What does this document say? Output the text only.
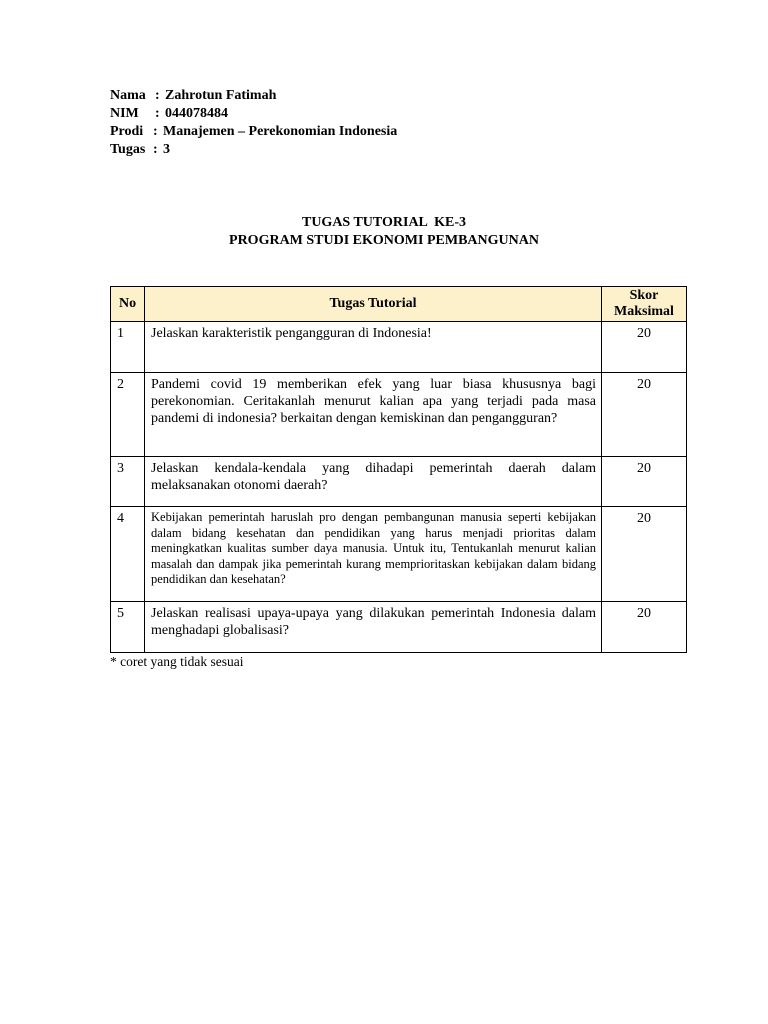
Nama : Zahrotun Fatimah
NIM	: 044078484
Prodi : Manajemen – Perekonomian Indonesia
Tugas : 3
TUGAS TUTORIAL  KE-3
PROGRAM STUDI EKONOMI PEMBANGUNAN
No	Tugas Tutorial	Skor
Maksimal

1	Jelaskan karakteristik pengangguran di Indonesia!	20
2	Pandemi covid 19 memberikan efek yang luar biasa khususnya bagi perekonomian. Ceritakanlah menurut kalian apa yang terjadi pada masa pandemi di indonesia? berkaitan dengan kemiskinan dan pengangguran?	20
3	Jelaskan kendala-kendala yang dihadapi pemerintah daerah dalam melaksanakan otonomi daerah?	20
4	Kebijakan pemerintah haruslah pro dengan pembangunan manusia seperti kebijakan dalam bidang kesehatan dan pendidikan yang harus menjadi prioritas dalam meningkatkan kualitas sumber daya manusia. Untuk itu, Tentukanlah menurut kalian masalah dan dampak jika pemerintah kurang memprioritaskan kebijakan dalam bidang pendidikan dan kesehatan?	20
5	Jelaskan realisasi upaya-upaya yang dilakukan pemerintah Indonesia dalam menghadapi globalisasi?	20
* coret yang tidak sesuai
